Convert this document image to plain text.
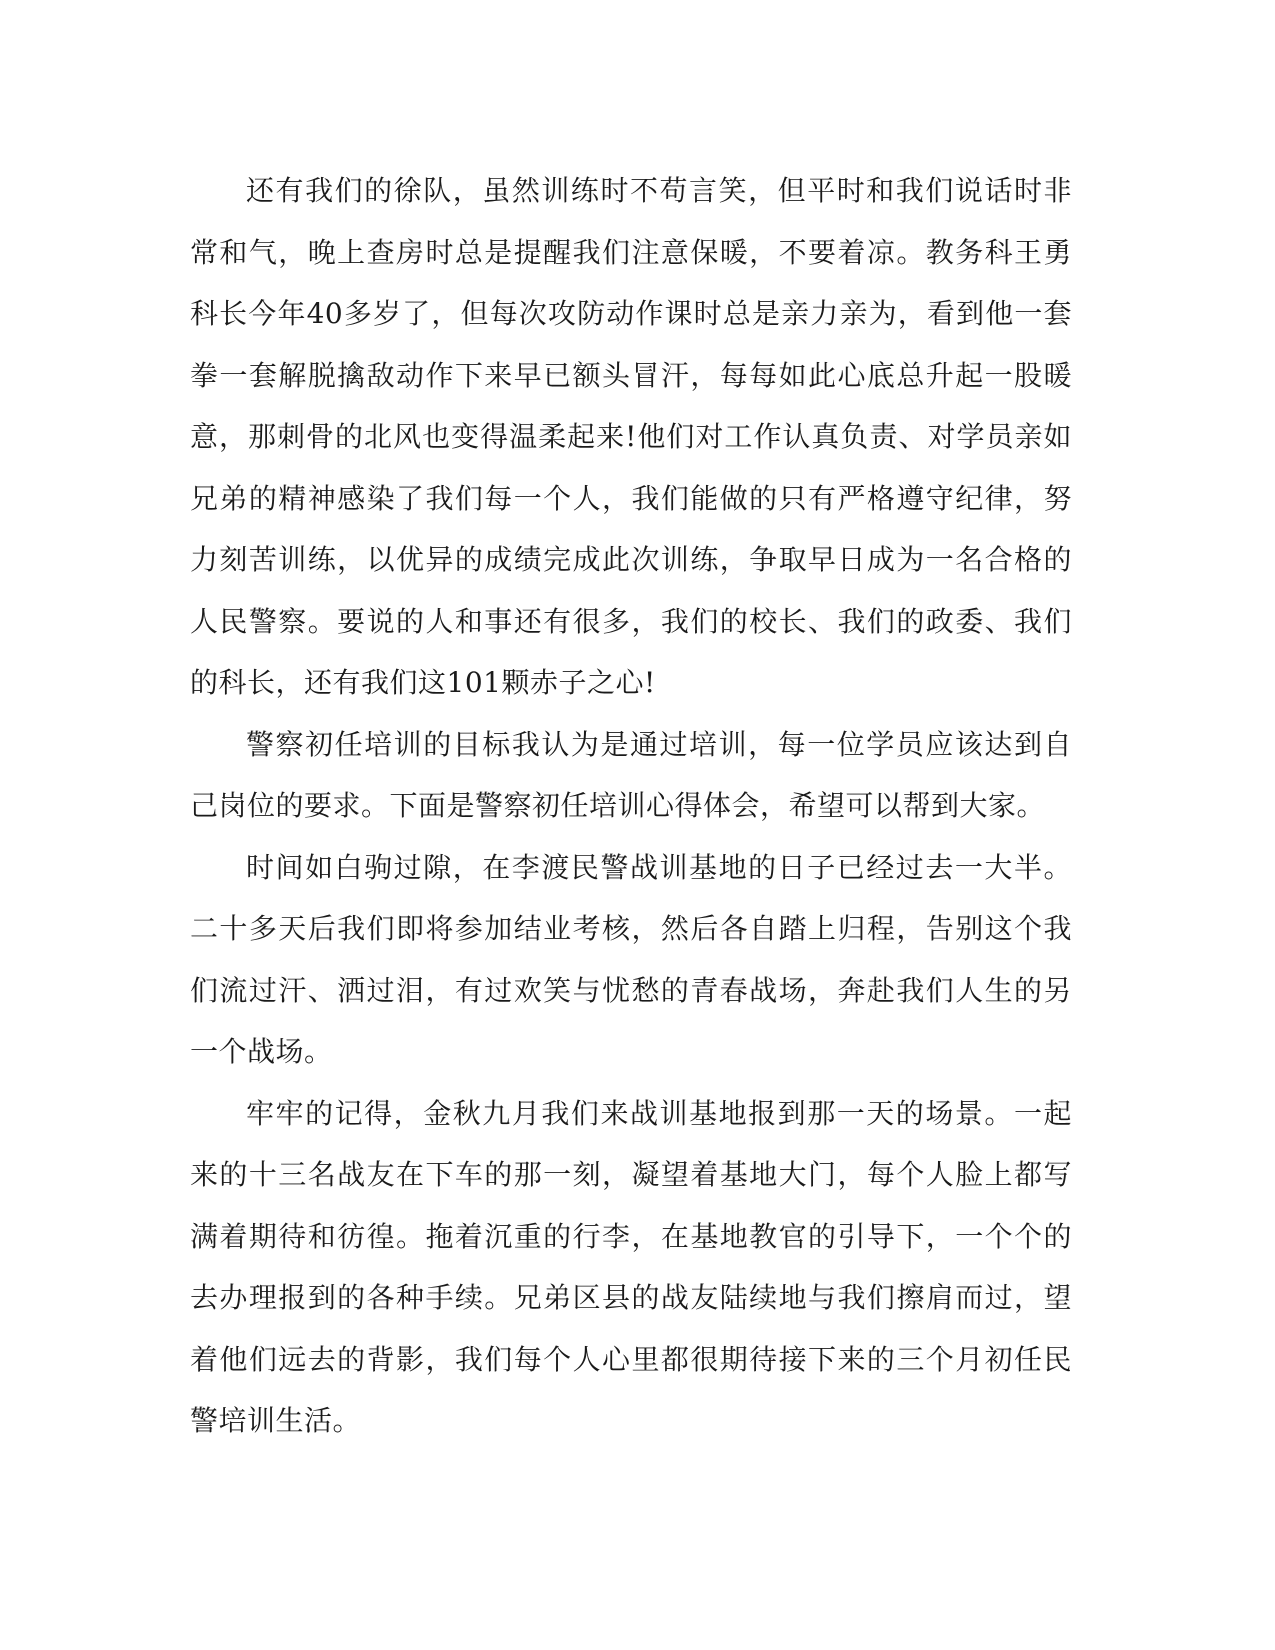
还有我们的徐队，虽然训练时不苟言笑，但平时和我们说话时非常和气，晚上查房时总是提醒我们注意保暖，不要着凉。教务科王勇科长今年40多岁了，但每次攻防动作课时总是亲力亲为，看到他一套拳一套解脱擒敌动作下来早已额头冒汗，每每如此心底总升起一股暖意，那刺骨的北风也变得温柔起来!他们对工作认真负责、对学员亲如兄弟的精神感染了我们每一个人，我们能做的只有严格遵守纪律，努力刻苦训练，以优异的成绩完成此次训练，争取早日成为一名合格的人民警察。要说的人和事还有很多，我们的校长、我们的政委、我们的科长，还有我们这101颗赤子之心!

警察初任培训的目标我认为是通过培训，每一位学员应该达到自己岗位的要求。下面是警察初任培训心得体会，希望可以帮到大家。

时间如白驹过隙，在李渡民警战训基地的日子已经过去一大半。二十多天后我们即将参加结业考核，然后各自踏上归程，告别这个我们流过汗、洒过泪，有过欢笑与忧愁的青春战场，奔赴我们人生的另一个战场。

牢牢的记得，金秋九月我们来战训基地报到那一天的场景。一起来的十三名战友在下车的那一刻，凝望着基地大门，每个人脸上都写满着期待和彷徨。拖着沉重的行李，在基地教官的引导下，一个个的去办理报到的各种手续。兄弟区县的战友陆续地与我们擦肩而过，望着他们远去的背影，我们每个人心里都很期待接下来的三个月初任民警培训生活。
